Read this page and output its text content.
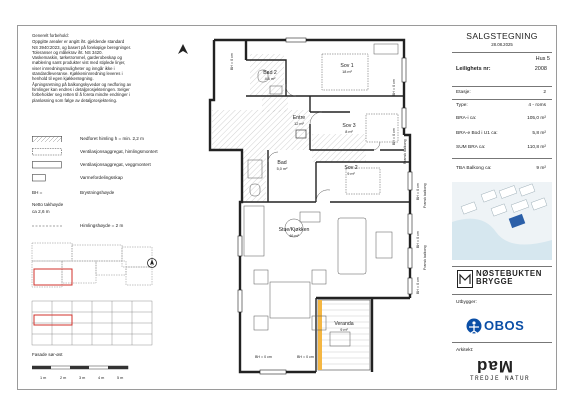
Generelt forbehold:

Oppgitte arealer er angitt iht. gjeldende standard

NS 3940:2023, og basert på foreløpige beregninger.

Toleranser og målekrav iht. NS 3420.

Vaskemaskin, tørketrommel, garderobeskap og

møblering samt produkter vist med stiplede linjer,

viser innredningsmuligheter og inngår ikke i

standardleveranse. Kjøkkeninnredning leveres i

henhold til egen kjøkkentegning.

Åpningsretning på balkongskyvedør og nedforing av

himlinger kan endres i detaljprosjekteringen. Selger

forbeholder seg retten til å foreta mindre endringer i

planløsning som følge av detaljprosjektering.

Nedforet himling h = min. 2,2 m
Ventilasjonsaggregat, himlingsmontert
Ventilasjonsaggregat, veggmontert
Varmefordelingsskap
BH =	Brystningshøyde
Netto takhøyde
ca 2,6 m
Himlingshøyde = 2 m
Fasade sør-øst
1 m	2 m	3 m	4 m	5 m
Bad 2
4,6 m²
Sov 1
18 m²
Entre
12 m²	Sov 3
8 m²
Bad
5,0 m²	Sov 2
9 m²
Stue/Kjøkken
46 m²
Veranda
9 m²
BH = 0 cm
BH = 0 cm
BH = 0 cm
BH = 0 cm
BH = 0 cm
BH = 0 cm
Fransk balkong
Fransk balkong
Fransk balkong
BH = 0 cm	BH = 0 cm
SALGSTEGNING
28.08.2025
Hus 5
Leilighets nr:	2008
Etasje:	2
Type:	4 - roms
BRA-i ca:	105,0 m²
BRA-e Bod i U1 ca:	5,8 m²
SUM BRA ca:	110,8 m²
TBA Balkong ca:	9 m²
NØSTEBUKTEN
BRYGGE
Utbygger:
OBOS
Arkitekt:
Mad
TREDJE NATUR
